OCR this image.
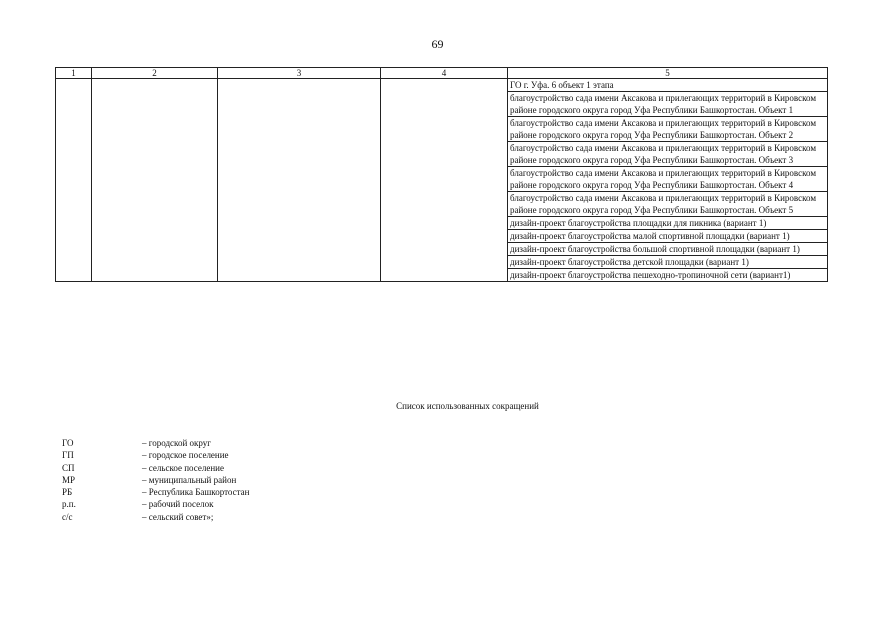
69
1	2	3	4	5
				ГО г. Уфа. 6 объект 1 этапа
				благоустройство сада имени Аксакова и прилегающих территорий в Кировском районе городского округа город Уфа Республики Башкортостан. Объект 1
				благоустройство сада имени Аксакова и прилегающих территорий в Кировском районе городского округа город Уфа Республики Башкортостан. Объект 2
				благоустройство сада имени Аксакова и прилегающих территорий в Кировском районе городского округа город Уфа Республики Башкортостан. Объект 3
				благоустройство сада имени Аксакова и прилегающих территорий в Кировском районе городского округа город Уфа Республики Башкортостан. Объект 4
				благоустройство сада имени Аксакова и прилегающих территорий в Кировском районе городского округа город Уфа Республики Башкортостан. Объект 5
				дизайн-проект благоустройства площадки для пикника (вариант 1)
				дизайн-проект благоустройства малой спортивной площадки (вариант 1)
				дизайн-проект благоустройства большой спортивной площадки (вариант 1)
				дизайн-проект благоустройства детской площадки (вариант 1)
				дизайн-проект благоустройства пешеходно-тропиночной сети (вариант1)
Список использованных сокращений
ГО	– городской округ
ГП	– городское поселение
СП	– сельское поселение
МР	– муниципальный район
РБ	– Республика Башкортостан
р.п.	– рабочий поселок
с/с	– сельский совет»;
